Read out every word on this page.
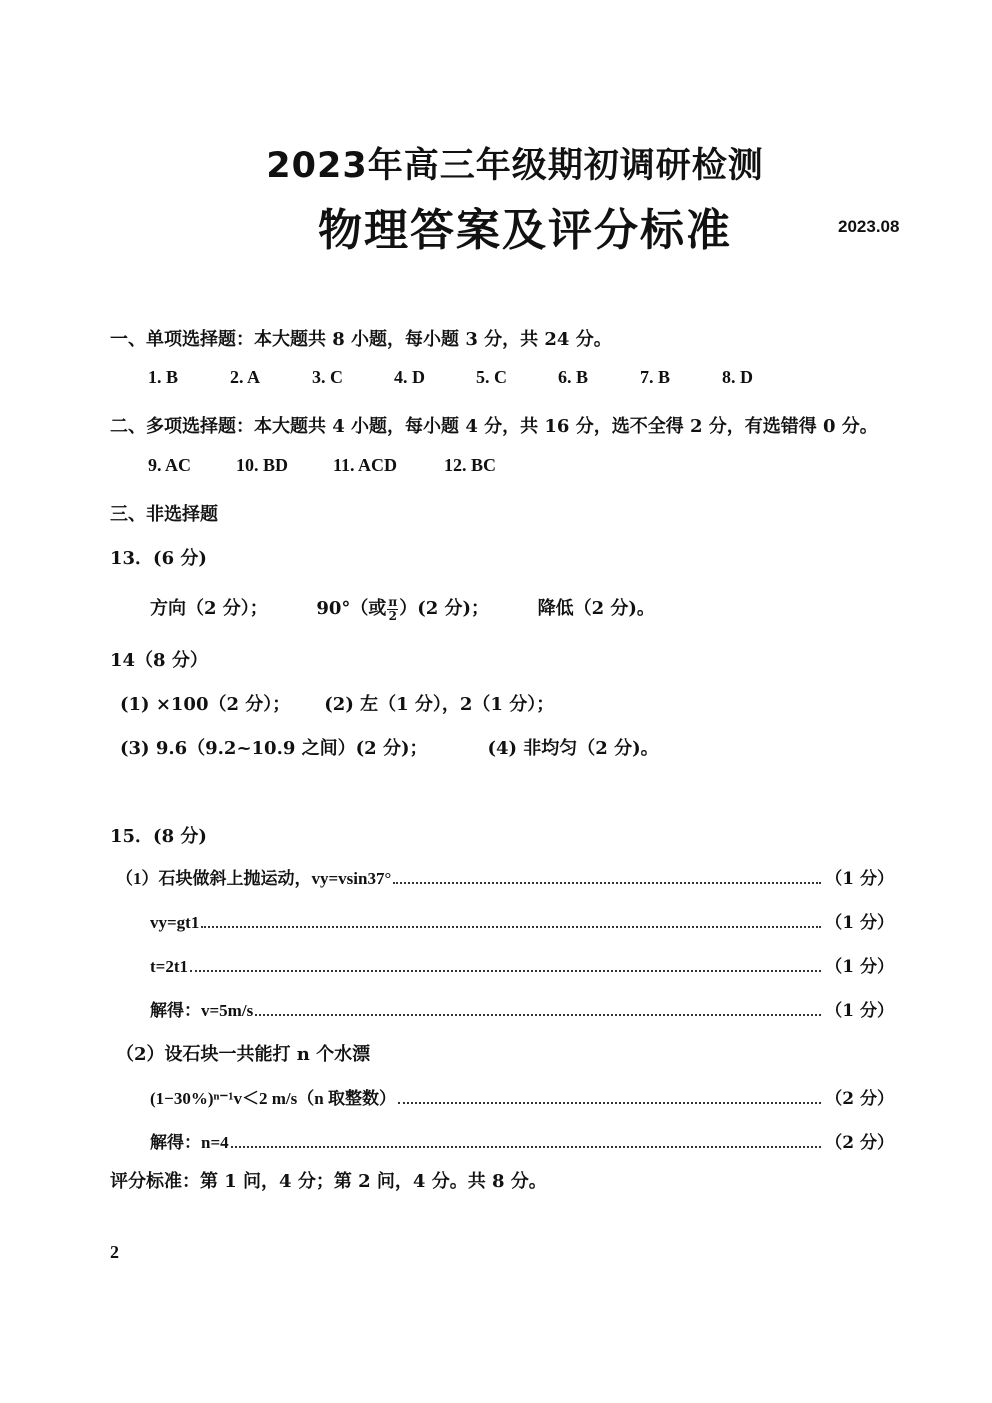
2023年高三年级期初调研检测
物理答案及评分标准	2023.08
一、单项选择题：本大题共 8 小题，每小题 3 分，共 24 分。
1. B	2. A	3. C	4. D	5. C	6. B	7. B	8. D
二、多项选择题：本大题共 4 小题，每小题 4 分，共 16 分，选不全得 2 分，有选错得 0 分。
9. AC 10. BD 11. ACD	12. BC
三、非选择题
13．(6 分)
方向（2 分）；	90°（或 $\frac{\pi}{2} )(2$ 分)；	降低（2 分)。
14（8 分）
(1) ×100（2 分）； (2) 左（1 分），2（1 分）；
(3) 9.6（9.2~10.9 之间）(2 分)；	(4) 非均匀（2 分)。
15．(8 分)
（1）石块做斜上抛运动，vy=vsin37°	（1 分）
vy=gt1	（1 分）
t=2t1	（1 分）
解得：v=5m/s	（1 分）
（2）设石块一共能打 n 个水漂
(1−30%)ⁿ⁻¹v＜2 m/s（n 取整数）	（2 分）
解得：n=4	（2 分）
评分标准：第 1 问，4 分；第 2 问，4 分。共 8 分。
2
